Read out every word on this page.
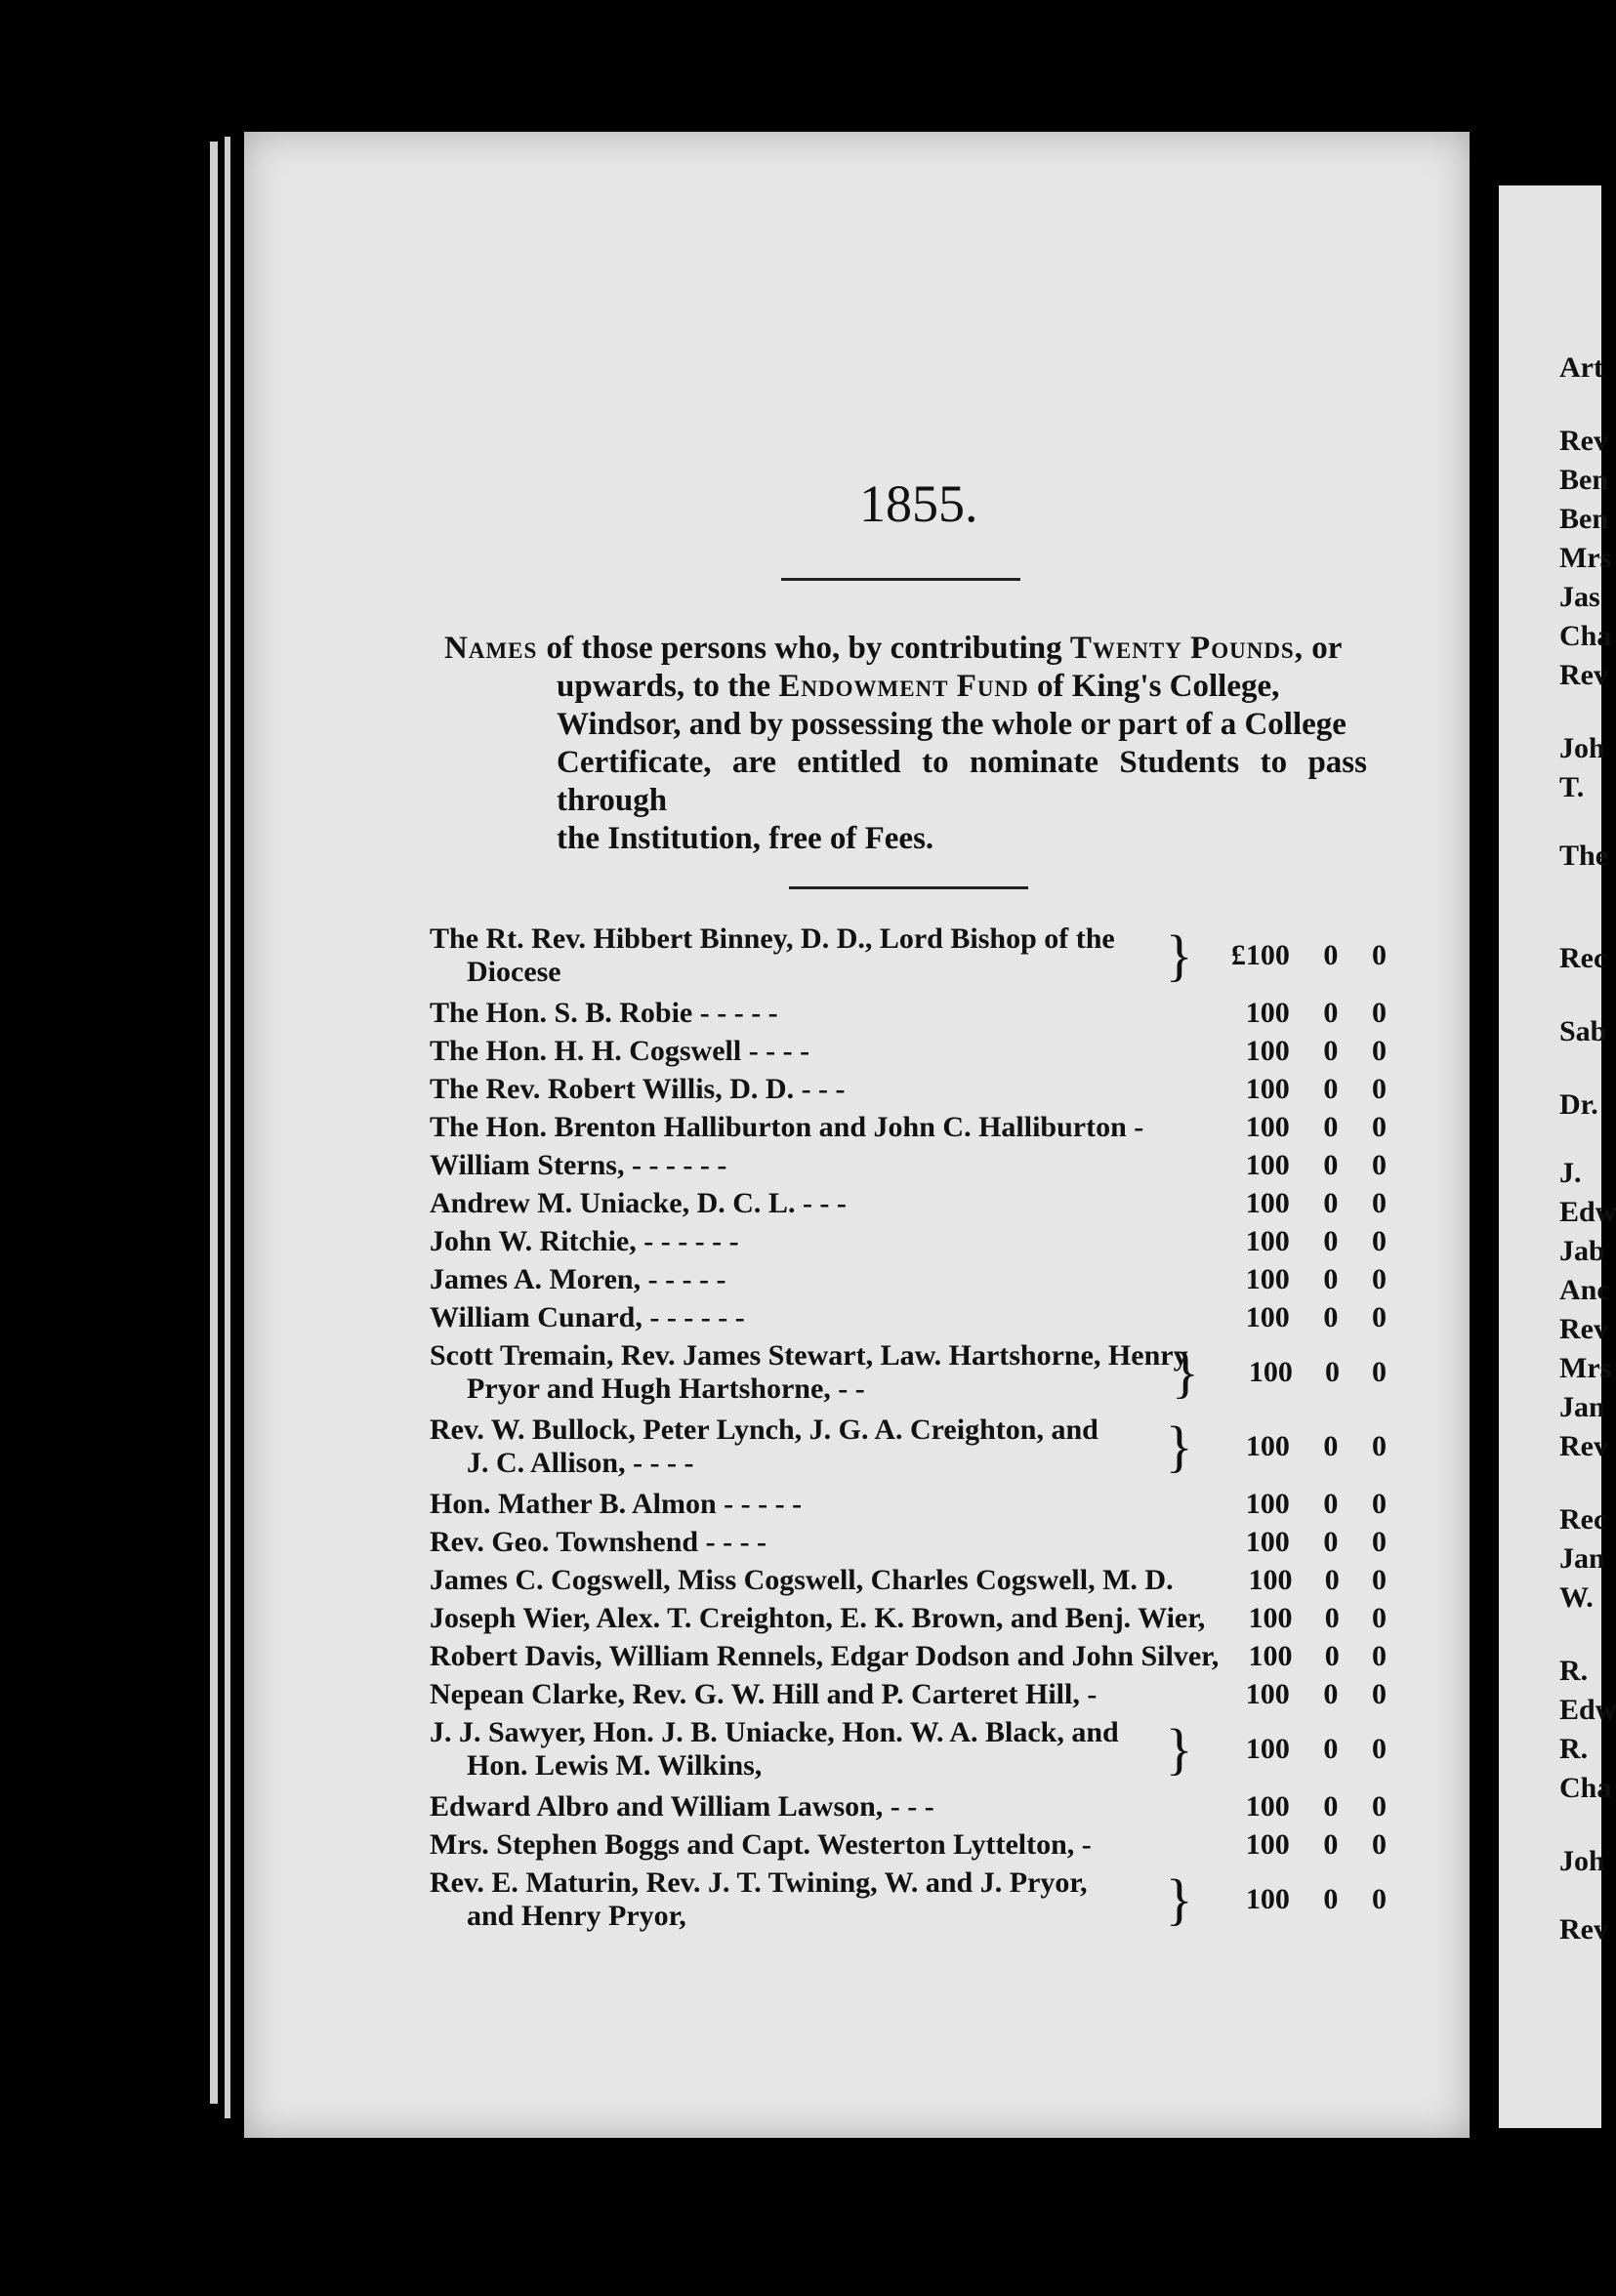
Art
Rev
Ben
Ben
Mrs
Jas
Cha
Rev
Joh
T.
The
Rec
Sab
Dr.
J.
Edw
Jab
Anc
Rev
Mrs
Jan
Rev
Rec
Jan
W.
R.
Edw
R.
Cha
Joh
Rev
1855.
Names of those persons who, by contributing Twenty Pounds, or
upwards, to the Endowment Fund of King's College,
Windsor, and by possessing the whole or part of a College
Certificate, are entitled to nominate Students to pass through
the Institution, free of Fees.
The Rt. Rev. Hibbert Binney, D. D., Lord Bishop of the
Diocese	}	£100	0	0
The Hon. S. B. Robie - - - - -	100	0	0
The Hon. H. H. Cogswell - - - -	100	0	0
The Rev. Robert Willis, D. D. - - -	100	0	0
The Hon. Brenton Halliburton and John C. Halliburton -	100	0	0
William Sterns, - - - - - -	100	0	0
Andrew M. Uniacke, D. C. L. - - -	100	0	0
John W. Ritchie, - - - - - -	100	0	0
James A. Moren, - - - - -	100	0	0
William Cunard, - - - - - -	100	0	0
Scott Tremain, Rev. James Stewart, Law. Hartshorne, Henry
Pryor and Hugh Hartshorne, - -	}	100	0	0
Rev. W. Bullock, Peter Lynch, J. G. A. Creighton, and
J. C. Allison, - - - -	}	100	0	0
Hon. Mather B. Almon - - - - -	100	0	0
Rev. Geo. Townshend - - - -	100	0	0
James C. Cogswell, Miss Cogswell, Charles Cogswell, M. D.	100	0	0
Joseph Wier, Alex. T. Creighton, E. K. Brown, and Benj. Wier,	100	0	0
Robert Davis, William Rennels, Edgar Dodson and John Silver,	100	0	0
Nepean Clarke, Rev. G. W. Hill and P. Carteret Hill, -	100	0	0
J. J. Sawyer, Hon. J. B. Uniacke, Hon. W. A. Black, and
Hon. Lewis M. Wilkins,	}	100	0	0
Edward Albro and William Lawson, - - -	100	0	0
Mrs. Stephen Boggs and Capt. Westerton Lyttelton, -	100	0	0
Rev. E. Maturin, Rev. J. T. Twining, W. and J. Pryor,
and Henry Pryor,	}	100	0	0
